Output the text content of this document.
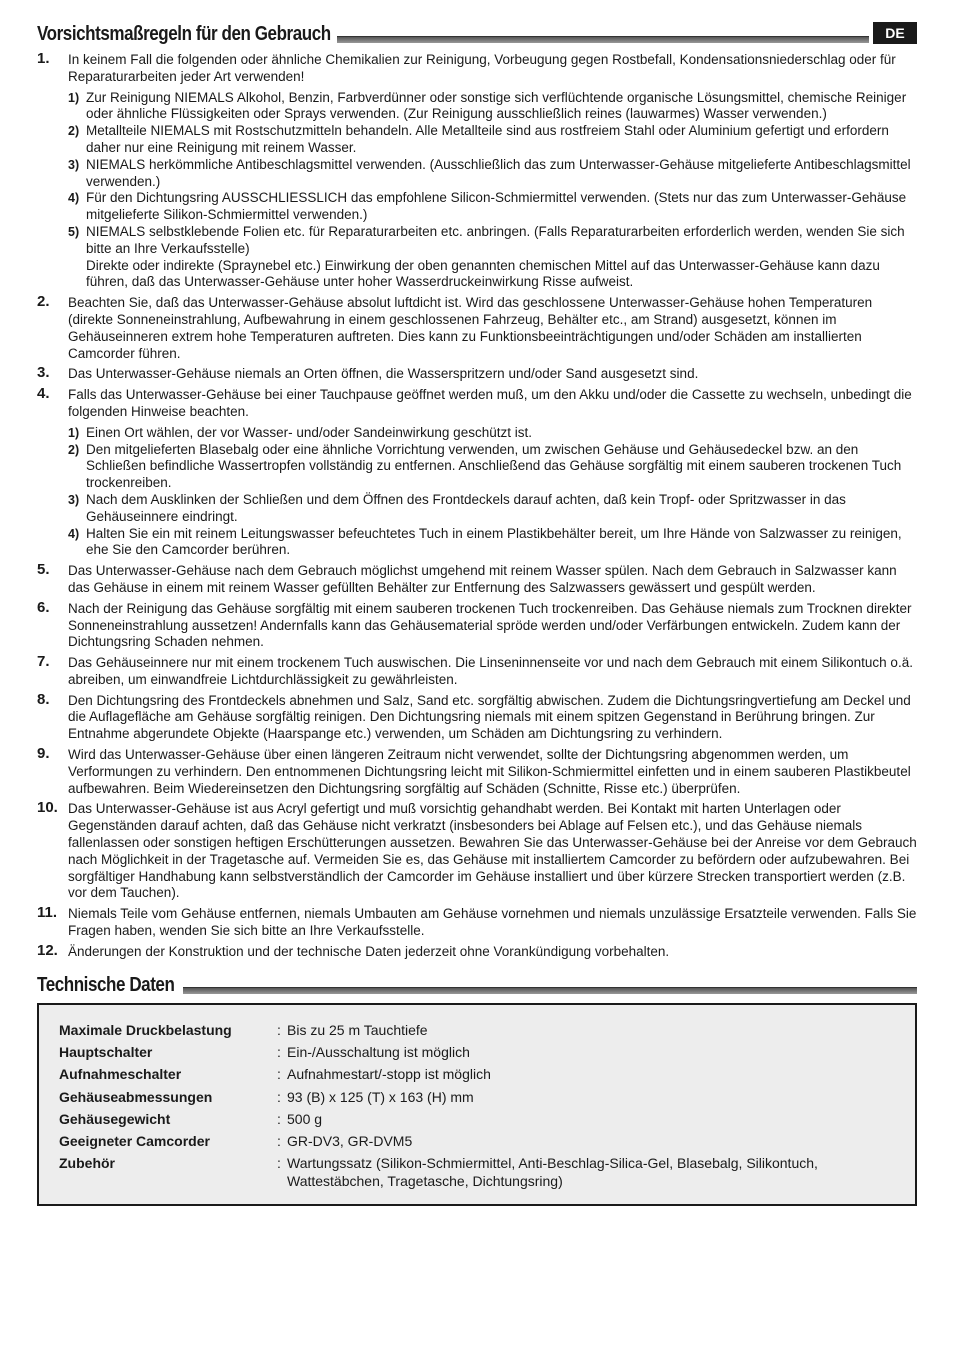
DE
Vorsichtsmaßregeln für den Gebrauch
1. In keinem Fall die folgenden oder ähnliche Chemikalien zur Reinigung, Vorbeugung gegen Rostbefall, Kondensationsniederschlag oder für Reparaturarbeiten jeder Art verwenden!
1) Zur Reinigung NIEMALS Alkohol, Benzin, Farbverdünner oder sonstige sich verflüchtende organische Lösungsmittel, chemische Reiniger oder ähnliche Flüssigkeiten oder Sprays verwenden. (Zur Reinigung ausschließlich reines (lauwarmes) Wasser verwenden.)
2) Metallteile NIEMALS mit Rostschutzmitteln behandeln. Alle Metallteile sind aus rostfreiem Stahl oder Aluminium gefertigt und erfordern daher nur eine Reinigung mit reinem Wasser.
3) NIEMALS herkömmliche Antibeschlagsmittel verwenden. (Ausschließlich das zum Unterwasser-Gehäuse mitgelieferte Antibeschlagsmittel verwenden.)
4) Für den Dichtungsring AUSSCHLIESSLICH das empfohlene Silicon-Schmiermittel verwenden. (Stets nur das zum Unterwasser-Gehäuse mitgelieferte Silikon-Schmiermittel verwenden.)
5) NIEMALS selbstklebende Folien etc. für Reparaturarbeiten etc. anbringen. (Falls Reparaturarbeiten erforderlich werden, wenden Sie sich bitte an Ihre Verkaufsstelle)
Direkte oder indirekte (Spraynebel etc.) Einwirkung der oben genannten chemischen Mittel auf das Unterwasser-Gehäuse kann dazu führen, daß das Unterwasser-Gehäuse unter hoher Wasserdruckeinwirkung Risse aufweist.
2. Beachten Sie, daß das Unterwasser-Gehäuse absolut luftdicht ist. Wird das geschlossene Unterwasser-Gehäuse hohen Temperaturen (direkte Sonneneinstrahlung, Aufbewahrung in einem geschlossenen Fahrzeug, Behälter etc., am Strand) ausgesetzt, können im Gehäuseinneren extrem hohe Temperaturen auftreten. Dies kann zu Funktionsbeeinträchtigungen und/oder Schäden am installierten Camcorder führen.
3. Das Unterwasser-Gehäuse niemals an Orten öffnen, die Wasserspritzern und/oder Sand ausgesetzt sind.
4. Falls das Unterwasser-Gehäuse bei einer Tauchpause geöffnet werden muß, um den Akku und/oder die Cassette zu wechseln, unbedingt die folgenden Hinweise beachten.
1) Einen Ort wählen, der vor Wasser- und/oder Sandeinwirkung geschützt ist.
2) Den mitgelieferten Blasebalg oder eine ähnliche Vorrichtung verwenden, um zwischen Gehäuse und Gehäusedeckel bzw. an den Schließen befindliche Wassertropfen vollständig zu entfernen. Anschließend das Gehäuse sorgfältig mit einem sauberen trockenen Tuch trockenreiben.
3) Nach dem Ausklinken der Schließen und dem Öffnen des Frontdeckels darauf achten, daß kein Tropf- oder Spritzwasser in das Gehäuseinnere eindringt.
4) Halten Sie ein mit reinem Leitungswasser befeuchtetes Tuch in einem Plastikbehälter bereit, um Ihre Hände von Salzwasser zu reinigen, ehe Sie den Camcorder berühren.
5. Das Unterwasser-Gehäuse nach dem Gebrauch möglichst umgehend mit reinem Wasser spülen. Nach dem Gebrauch in Salzwasser kann das Gehäuse in einem mit reinem Wasser gefüllten Behälter zur Entfernung des Salzwassers gewässert und gespült werden.
6. Nach der Reinigung das Gehäuse sorgfältig mit einem sauberen trockenen Tuch trockenreiben. Das Gehäuse niemals zum Trocknen direkter Sonneneinstrahlung aussetzen! Andernfalls kann das Gehäusematerial spröde werden und/oder Verfärbungen entwickeln. Zudem kann der Dichtungsring Schaden nehmen.
7. Das Gehäuseinnere nur mit einem trockenem Tuch auswischen. Die Linseninnenseite vor und nach dem Gebrauch mit einem Silikontuch o.ä. abreiben, um einwandfreie Lichtdurchlässigkeit zu gewährleisten.
8. Den Dichtungsring des Frontdeckels abnehmen und Salz, Sand etc. sorgfältig abwischen. Zudem die Dichtungsringvertiefung am Deckel und die Auflagefläche am Gehäuse sorgfältig reinigen. Den Dichtungsring niemals mit einem spitzen Gegenstand in Berührung bringen. Zur Entnahme abgerundete Objekte (Haarspange etc.) verwenden, um Schäden am Dichtungsring zu verhindern.
9. Wird das Unterwasser-Gehäuse über einen längeren Zeitraum nicht verwendet, sollte der Dichtungsring abgenommen werden, um Verformungen zu verhindern. Den entnommenen Dichtungsring leicht mit Silikon-Schmiermittel einfetten und in einem sauberen Plastikbeutel aufbewahren. Beim Wiedereinsetzen den Dichtungsring sorgfältig auf Schäden (Schnitte, Risse etc.) überprüfen.
10. Das Unterwasser-Gehäuse ist aus Acryl gefertigt und muß vorsichtig gehandhabt werden. Bei Kontakt mit harten Unterlagen oder Gegenständen darauf achten, daß das Gehäuse nicht verkratzt (insbesonders bei Ablage auf Felsen etc.), und das Gehäuse niemals fallenlassen oder sonstigen heftigen Erschütterungen aussetzen. Bewahren Sie das Unterwasser-Gehäuse bei der Anreise vor dem Gebrauch nach Möglichkeit in der Tragetasche auf. Vermeiden Sie es, das Gehäuse mit installiertem Camcorder zu befördern oder aufzubewahren. Bei sorgfältiger Handhabung kann selbstverständlich der Camcorder im Gehäuse installiert und über kürzere Strecken transportiert werden (z.B. vor dem Tauchen).
11. Niemals Teile vom Gehäuse entfernen, niemals Umbauten am Gehäuse vornehmen und niemals unzulässige Ersatzteile verwenden. Falls Sie Fragen haben, wenden Sie sich bitte an Ihre Verkaufsstelle.
12. Änderungen der Konstruktion und der technische Daten jederzeit ohne Vorankündigung vorbehalten.
Technische Daten
Maximale Druckbelastung	: Bis zu 25 m Tauchtiefe
Hauptschalter	: Ein-/Ausschaltung ist möglich
Aufnahmeschalter	: Aufnahmestart/-stopp ist möglich
Gehäuseabmessungen	: 93 (B) x 125 (T) x 163 (H) mm
Gehäusegewicht	: 500 g
Geeigneter Camcorder	: GR-DV3, GR-DVM5
Zubehör	: Wartungssatz (Silikon-Schmiermittel, Anti-Beschlag-Silica-Gel, Blasebalg, Silikontuch, Wattestäbchen, Tragetasche, Dichtungsring)
